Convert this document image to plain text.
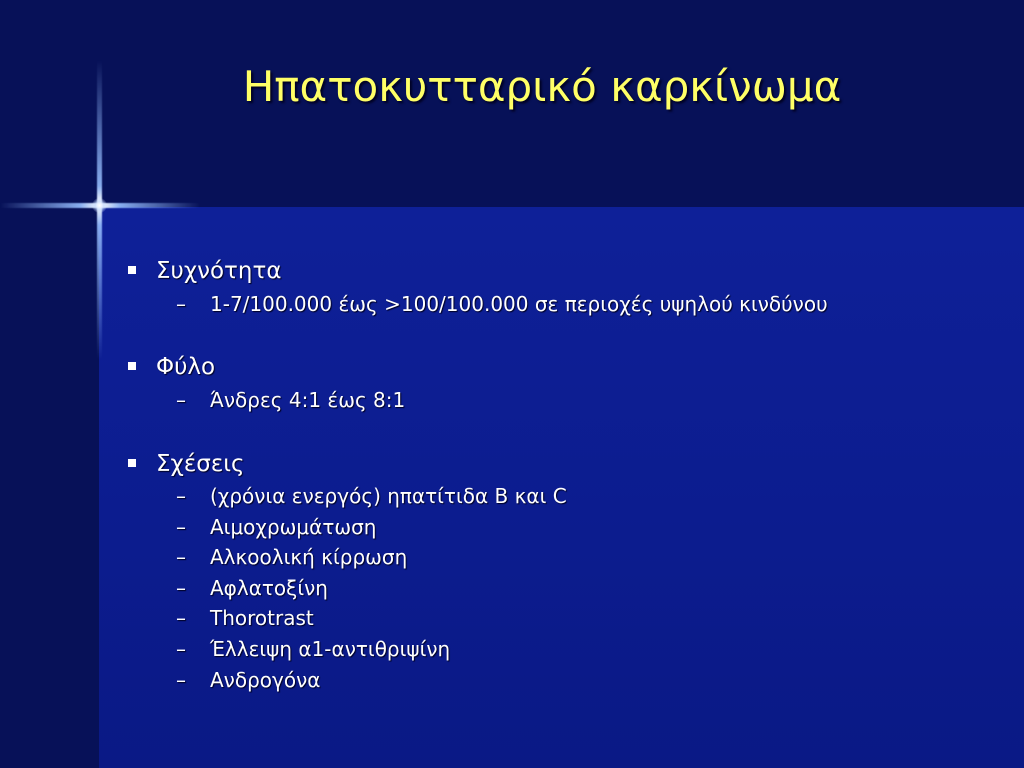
Ηπατοκυτταρικό καρκίνωμα
Συχνότητα
– 1-7/100.000 έως >100/100.000 σε περιοχές υψηλού κινδύνου
Φύλο
– Άνδρες 4:1 έως 8:1
Σχέσεις
– (χρόνια ενεργός) ηπατίτιδα Β και C
– Αιμοχρωμάτωση
– Αλκοολική κίρρωση
– Αφλατοξίνη
– Thorotrast
– Έλλειψη α1-αντιθριψίνη
– Ανδρογόνα
